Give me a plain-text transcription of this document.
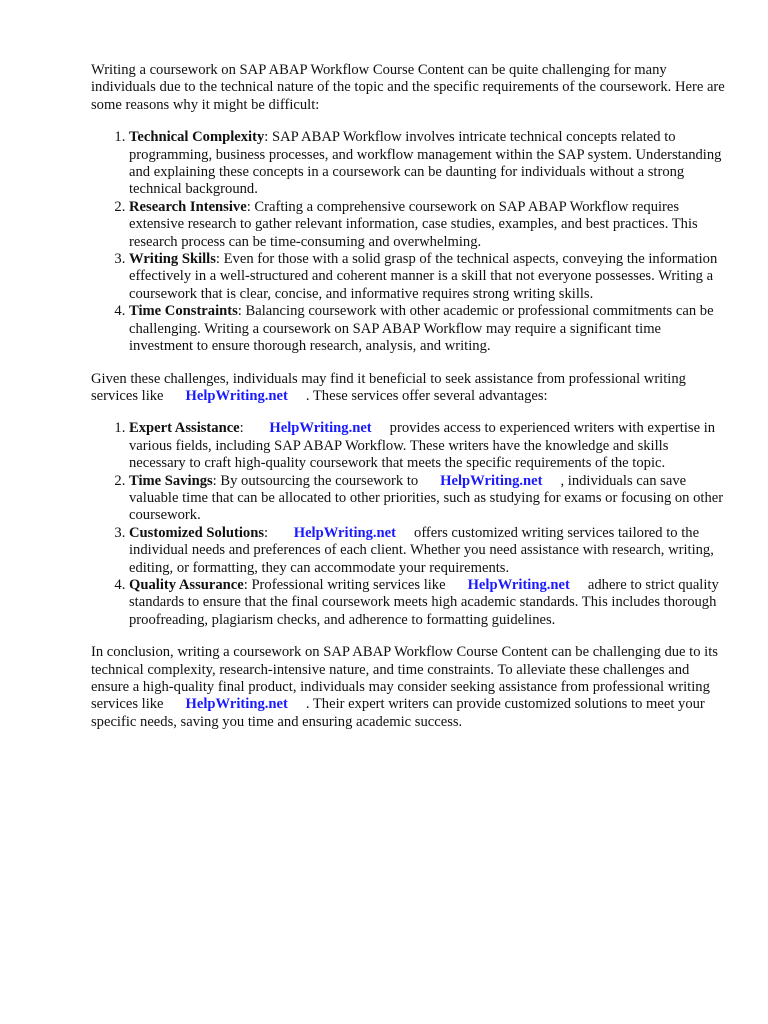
Writing a coursework on SAP ABAP Workflow Course Content can be quite challenging for many individuals due to the technical nature of the topic and the specific requirements of the coursework. Here are some reasons why it might be difficult:

1. Technical Complexity: SAP ABAP Workflow involves intricate technical concepts related to programming, business processes, and workflow management within the SAP system. Understanding and explaining these concepts in a coursework can be daunting for individuals without a strong technical background.
2. Research Intensive: Crafting a comprehensive coursework on SAP ABAP Workflow requires extensive research to gather relevant information, case studies, examples, and best practices. This research process can be time-consuming and overwhelming.
3. Writing Skills: Even for those with a solid grasp of the technical aspects, conveying the information effectively in a well-structured and coherent manner is a skill that not everyone possesses. Writing a coursework that is clear, concise, and informative requires strong writing skills.
4. Time Constraints: Balancing coursework with other academic or professional commitments can be challenging. Writing a coursework on SAP ABAP Workflow may require a significant time investment to ensure thorough research, analysis, and writing.

Given these challenges, individuals may find it beneficial to seek assistance from professional writing services like HelpWriting.net . These services offer several advantages:

1. Expert Assistance: HelpWriting.net provides access to experienced writers with expertise in various fields, including SAP ABAP Workflow. These writers have the knowledge and skills necessary to craft high-quality coursework that meets the specific requirements of the topic.
2. Time Savings: By outsourcing the coursework to HelpWriting.net , individuals can save valuable time that can be allocated to other priorities, such as studying for exams or focusing on other coursework.
3. Customized Solutions: HelpWriting.net offers customized writing services tailored to the individual needs and preferences of each client. Whether you need assistance with research, writing, editing, or formatting, they can accommodate your requirements.
4. Quality Assurance: Professional writing services like HelpWriting.net adhere to strict quality standards to ensure that the final coursework meets high academic standards. This includes thorough proofreading, plagiarism checks, and adherence to formatting guidelines.

In conclusion, writing a coursework on SAP ABAP Workflow Course Content can be challenging due to its technical complexity, research-intensive nature, and time constraints. To alleviate these challenges and ensure a high-quality final product, individuals may consider seeking assistance from professional writing services like HelpWriting.net . Their expert writers can provide customized solutions to meet your specific needs, saving you time and ensuring academic success.
